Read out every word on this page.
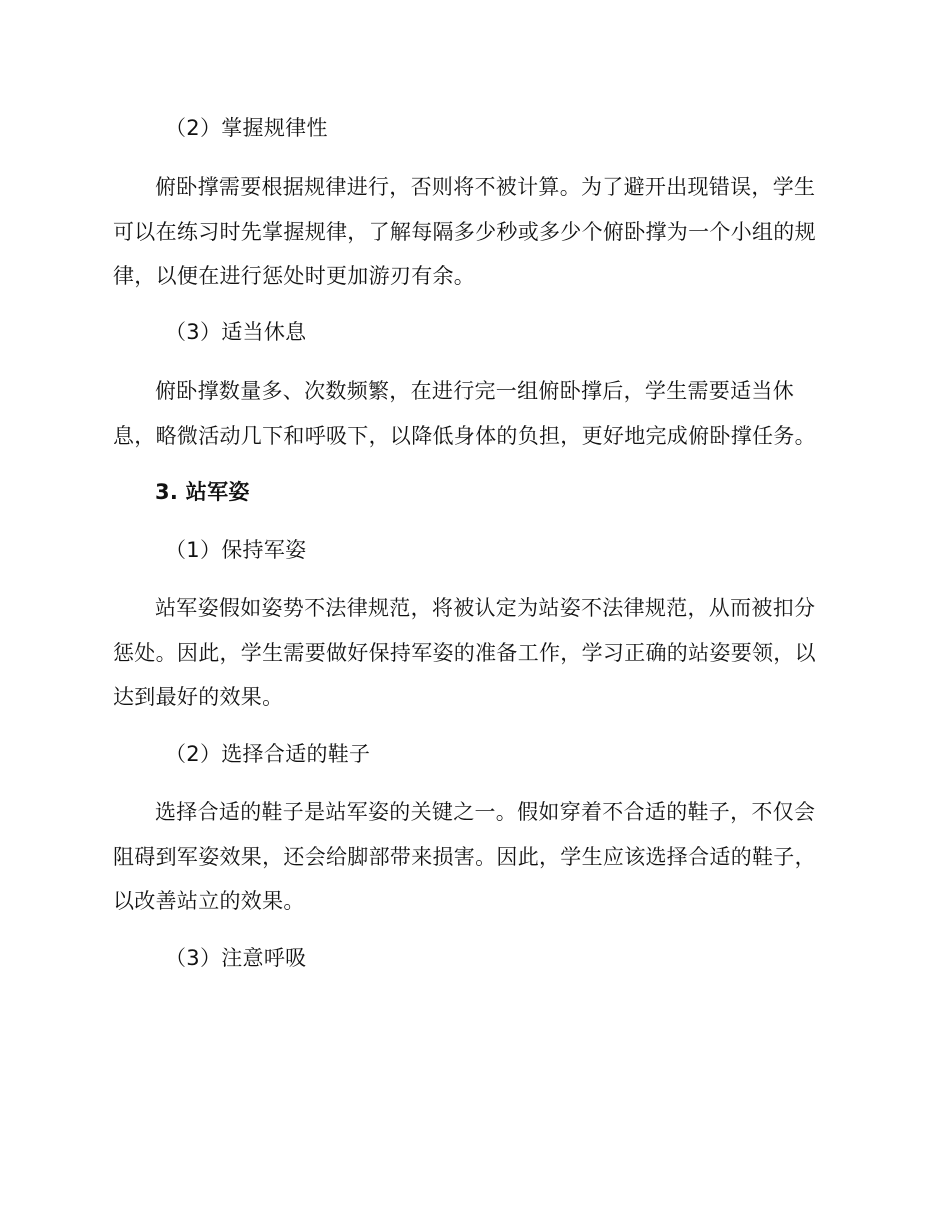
（2）掌握规律性
俯卧撑需要根据规律进行，否则将不被计算。为了避开出现错误，学生
可以在练习时先掌握规律，了解每隔多少秒或多少个俯卧撑为一个小组的规
律，以便在进行惩处时更加游刃有余。
（3）适当休息
俯卧撑数量多、次数频繁，在进行完一组俯卧撑后，学生需要适当休
息，略微活动几下和呼吸下，以降低身体的负担，更好地完成俯卧撑任务。
3. 站军姿
（1）保持军姿
站军姿假如姿势不法律规范，将被认定为站姿不法律规范，从而被扣分
惩处。因此，学生需要做好保持军姿的准备工作，学习正确的站姿要领，以
达到最好的效果。
（2）选择合适的鞋子
选择合适的鞋子是站军姿的关键之一。假如穿着不合适的鞋子，不仅会
阻碍到军姿效果，还会给脚部带来损害。因此，学生应该选择合适的鞋子，
以改善站立的效果。
（3）注意呼吸
